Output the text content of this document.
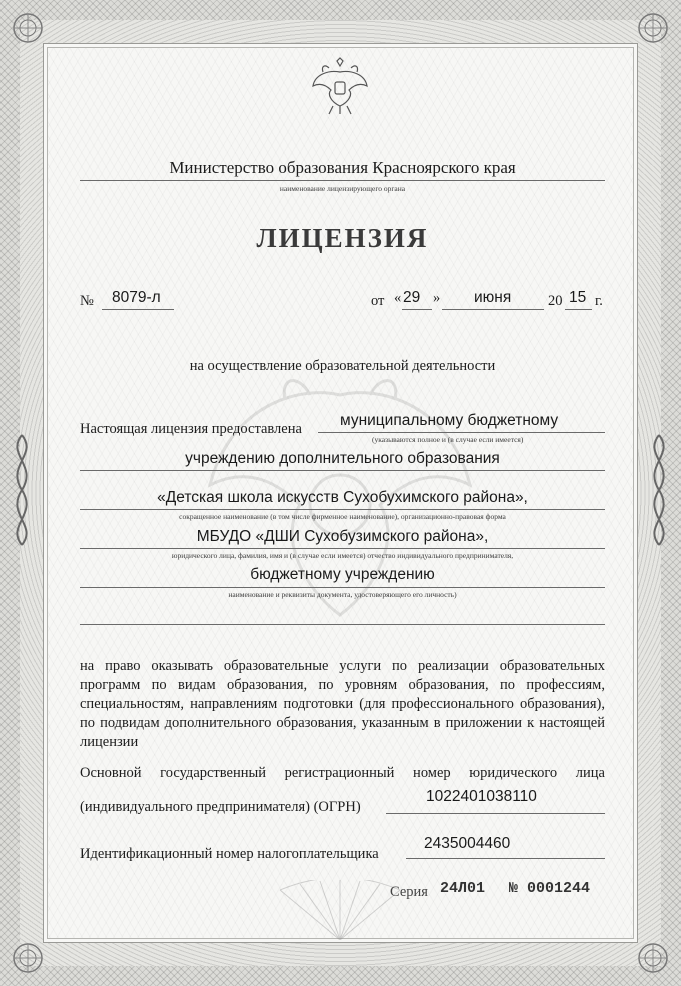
Министерство образования Красноярского края
наименование лицензирующего органа
ЛИЦЕНЗИЯ
№ 8079-л	от « 29 » июня	20 15 г.
на осуществление образовательной деятельности
Настоящая лицензия предоставлена муниципальному бюджетному
(указываются полное и (в случае если имеется)
учреждению дополнительного образования
«Детская школа искусств Сухобухимского района»,
сокращенное наименование (в том числе фирменное наименование), организационно-правовая форма
МБУДО «ДШИ Сухобузимского района»,
юридического лица, фамилия, имя и (в случае если имеется) отчество индивидуального предпринимателя,
бюджетному учреждению
наименование и реквизиты документа, удостоверяющего его личность)
на право оказывать образовательные услуги по реализации образовательных программ по видам образования, по уровням образования, по профессиям, специальностям, направлениям подготовки (для профессионального образования), по подвидам дополнительного образования, указанным в приложении к настоящей лицензии
Основной государственный регистрационный номер юридического лица
(индивидуального предпринимателя) (ОГРН)
1022401038110
Идентификационный номер налогоплательщика
2435004460
Серия 24Л01 № 0001244
